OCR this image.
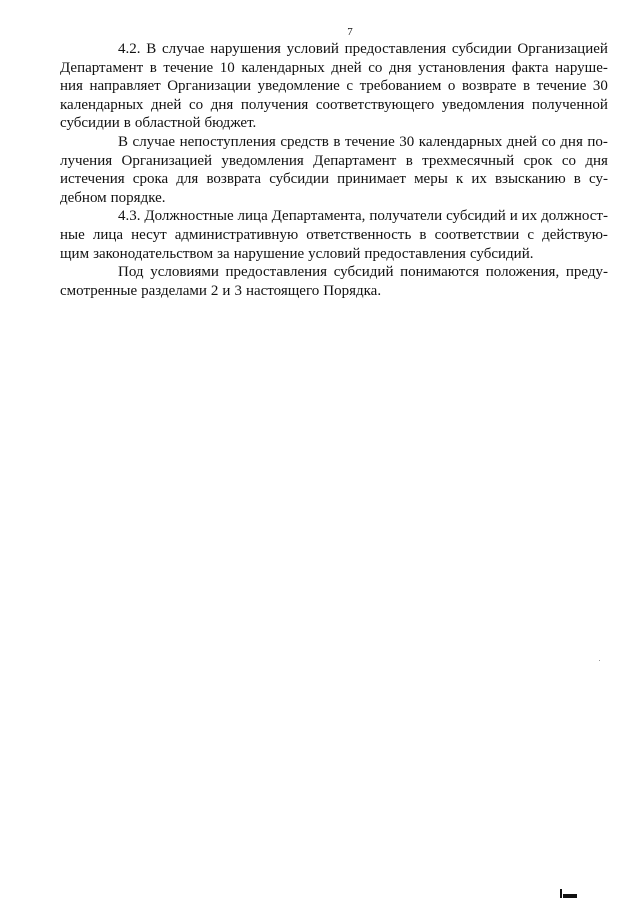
7
4.2. В случае нарушения условий предоставления субсидии Организацией
Департамент в течение 10 календарных дней со дня установления факта наруше-
ния направляет Организации уведомление с требованием о возврате в течение 30
календарных дней со дня получения соответствующего уведомления полученной
субсидии в областной бюджет.
В случае непоступления средств в течение 30 календарных дней со дня по-
лучения Организацией уведомления Департамент в трехмесячный срок со дня
истечения срока для возврата субсидии принимает меры к их взысканию в су-
дебном порядке.
4.3. Должностные лица Департамента, получатели субсидий и их должност-
ные лица несут административную ответственность в соответствии с действую-
щим законодательством за нарушение условий предоставления субсидий.
Под условиями предоставления субсидий понимаются положения, преду-
смотренные разделами 2 и 3 настоящего Порядка.
